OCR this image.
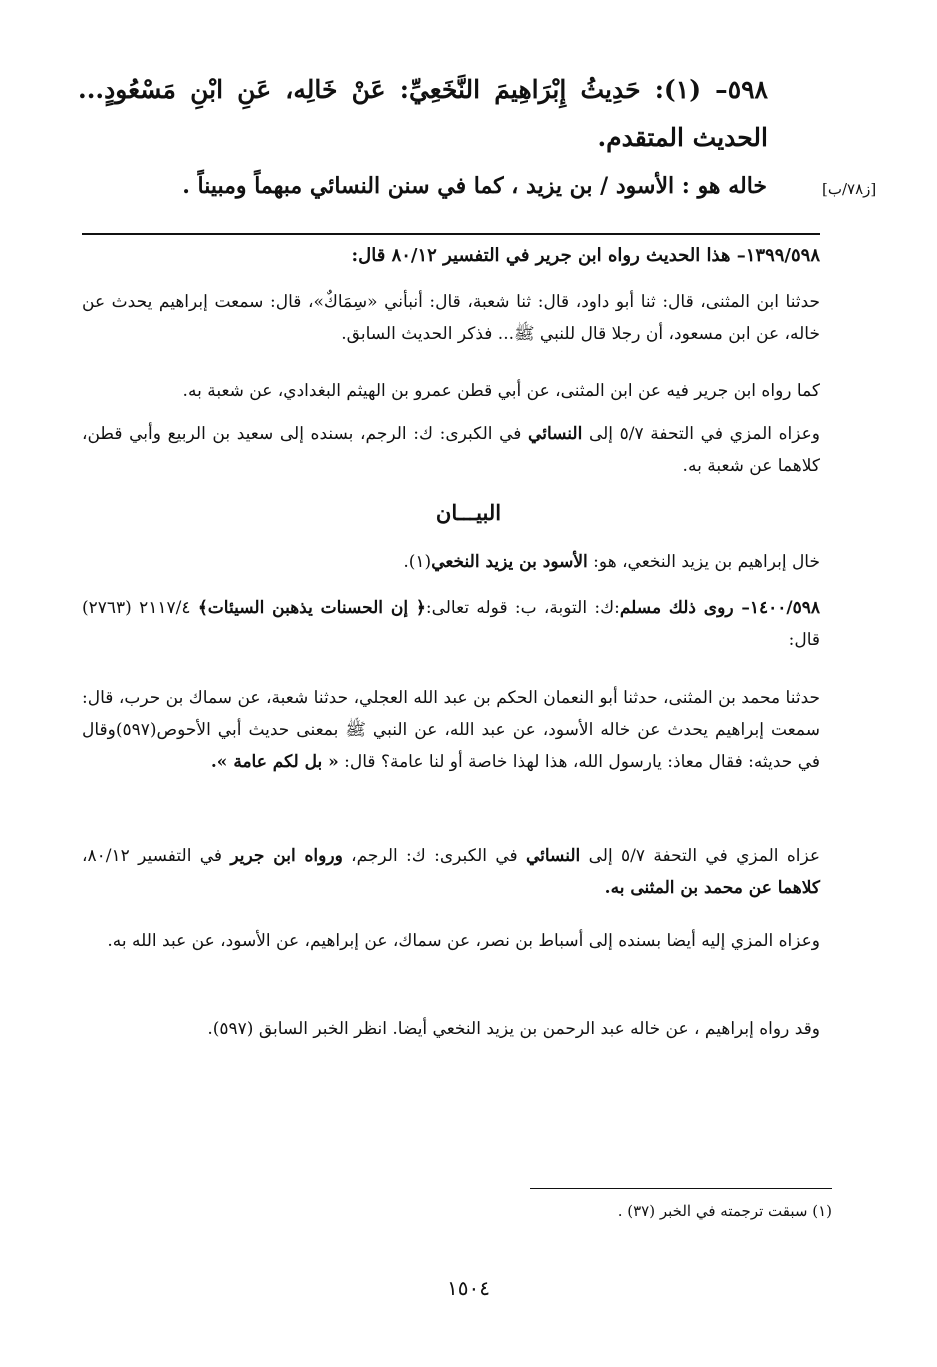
٥٩٨– (١): حَدِيثُ إِبْرَاهِيمَ النَّخَعِيِّ: عَنْ خَالِه، عَنِ ابْنِ مَسْعُودٍ... الحديث المتقدم.
[ز٧٨/ب]
خاله هو : الأسود / بن يزيد ، كما في سنن النسائي مبهماً ومبيناً .
١٣٩٩/٥٩٨– هذا الحديث رواه ابن جرير في التفسير ٨٠/١٢ قال:
حدثنا ابن المثنى، قال: ثنا أبو داود، قال: ثنا شعبة، قال: أنبأني «سِمَاكٌ»، قال: سمعت إبراهيم يحدث عن خاله، عن ابن مسعود، أن رجلا قال للنبي ﷺ... فذكر الحديث السابق.
كما رواه ابن جرير فيه عن ابن المثنى، عن أبي قطن عمرو بن الهيثم البغدادي، عن شعبة به.
وعزاه المزي في التحفة ٥/٧ إلى النسائي في الكبرى: ك: الرجم، بسنده إلى سعيد بن الربيع وأبي قطن، كلاهما عن شعبة به.
البيـــان
خال إبراهيم بن يزيد النخعي، هو: الأسود بن يزيد النخعي(١).
١٤٠٠/٥٩٨– روى ذلك مسلم:ك: التوبة، ب: قوله تعالى:﴿ إن الحسنات يذهبن السيئات﴾ ٢١١٧/٤ (٢٧٦٣) قال:
حدثنا محمد بن المثنى، حدثنا أبو النعمان الحكم بن عبد الله العجلي، حدثنا شعبة، عن سماك بن حرب، قال: سمعت إبراهيم يحدث عن خاله الأسود، عن عبد الله، عن النبي ﷺ بمعنى حديث أبي الأحوص(٥٩٧)وقال في حديثه: فقال معاذ: يارسول الله، هذا لهذا خاصة أو لنا عامة؟ قال: « بل لكم عامة ».
عزاه المزي في التحفة ٥/٧ إلى النسائي في الكبرى: ك: الرجم، ورواه ابن جرير في التفسير ٨٠/١٢، كلاهما عن محمد بن المثنى به.
وعزاه المزي إليه أيضا بسنده إلى أسباط بن نصر، عن سماك، عن إبراهيم، عن الأسود، عن عبد الله به.
وقد رواه إبراهيم ، عن خاله عبد الرحمن بن يزيد النخعي أيضا. انظر الخبر السابق (٥٩٧).
(١) سبقت ترجمته في الخبر (٣٧) .
١٥٠٤
